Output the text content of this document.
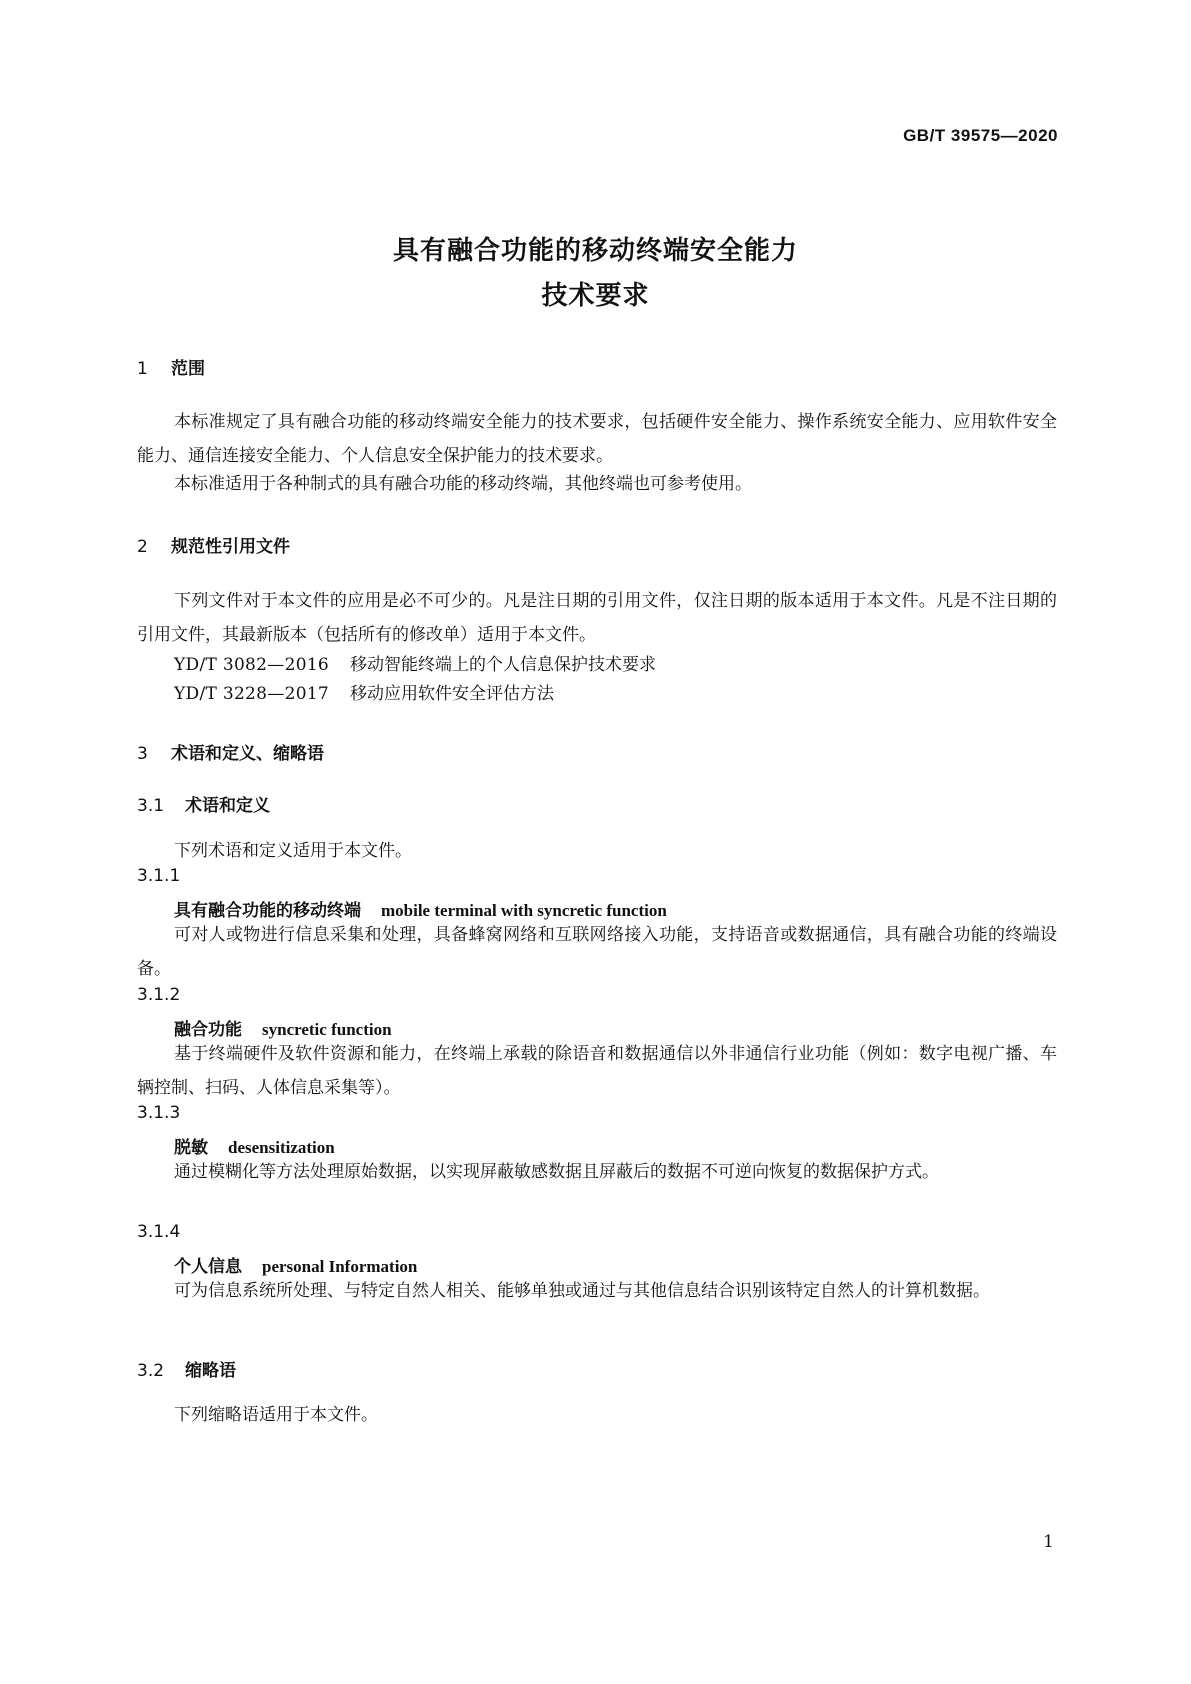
GB/T 39575—2020
具有融合功能的移动终端安全能力
技术要求
1 范围
本标准规定了具有融合功能的移动终端安全能力的技术要求，包括硬件安全能力、操作系统安全能力、应用软件安全能力、通信连接安全能力、个人信息安全保护能力的技术要求。
本标准适用于各种制式的具有融合功能的移动终端，其他终端也可参考使用。
2 规范性引用文件
下列文件对于本文件的应用是必不可少的。凡是注日期的引用文件，仅注日期的版本适用于本文件。凡是不注日期的引用文件，其最新版本（包括所有的修改单）适用于本文件。
YD/T 3082—2016 移动智能终端上的个人信息保护技术要求
YD/T 3228—2017 移动应用软件安全评估方法
3 术语和定义、缩略语
3.1 术语和定义
下列术语和定义适用于本文件。
3.1.1
具有融合功能的移动终端 mobile terminal with syncretic function
可对人或物进行信息采集和处理，具备蜂窝网络和互联网络接入功能，支持语音或数据通信，具有融合功能的终端设备。
3.1.2
融合功能 syncretic function
基于终端硬件及软件资源和能力，在终端上承载的除语音和数据通信以外非通信行业功能（例如：数字电视广播、车辆控制、扫码、人体信息采集等）。
3.1.3
脱敏 desensitization
通过模糊化等方法处理原始数据，以实现屏蔽敏感数据且屏蔽后的数据不可逆向恢复的数据保护方式。
3.1.4
个人信息 personal Information
可为信息系统所处理、与特定自然人相关、能够单独或通过与其他信息结合识别该特定自然人的计算机数据。
3.2 缩略语
下列缩略语适用于本文件。
1
